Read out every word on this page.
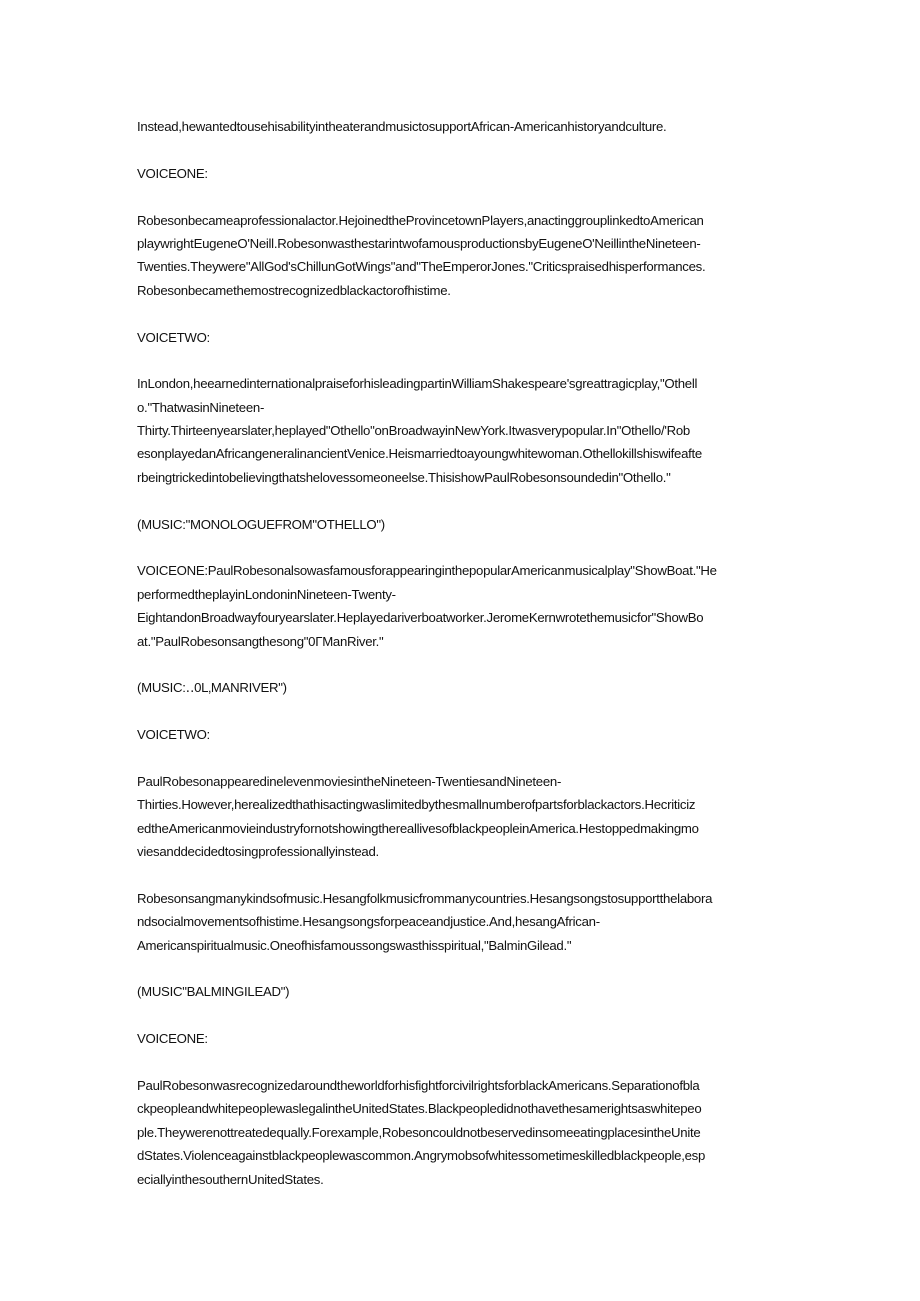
Instead,hewantedtousehisabilityintheaterandmusictosupportAfrican-Americanhistoryandculture.
VOICEONE:
Robesonbecameaprofessionalactor.HejoinedtheProvincetownPlayers,anactinggrouplinkedtoAmerican
playwrightEugeneO'Neill.RobesonwasthestarintwofamousproductionsbyEugeneO'NeillintheNineteen-
Twenties.Theywere"AllGod'sChillunGotWings"and"TheEmperorJones."Criticspraisedhisperformances.
Robesonbecamethemostrecognizedblackactorofhistime.
VOICETWO:
InLondon,heearnedinternationalpraiseforhisleadingpartinWilliamShakespeare'sgreattragicplay,"Othell
o."ThatwasinNineteen-
Thirty.Thirteenyearslater,heplayed"Othello"onBroadwayinNewYork.Itwasverypopular.In"Othello/'Rob
esonplayedanAfricangeneralinancientVenice.Heismarriedtoayoungwhitewoman.Othellokillshiswifeafte
rbeingtrickedintobelievingthatshelovessomeoneelse.ThisishowPaulRobesonsoundedin"Othello."
(MUSIC:"MONOLOGUEFROM"OTHELLO")
VOICEONE:PaulRobesonalsowasfamousforappearinginthepopularAmericanmusicalplay"ShowBoat."He
performedtheplayinLondoninNineteen-Twenty-
EightandonBroadwayfouryearslater.Heplayedariverboatworker.JeromeKernwrotethemusicfor"ShowBo
at."PaulRobesonsangthesong"0ΓManRiver."
(MUSIC:‥0L‚MANRIVER")
VOICETWO:
PaulRobesonappearedinelevenmoviesintheNineteen-TwentiesandNineteen-
Thirties.However,herealizedthathisactingwaslimitedbythesmallnumberofpartsforblackactors.Hecriticiz
edtheAmericanmovieindustryfornotshowingthereallivesofblackpeopleinAmerica.Hestoppedmakingmo
viesanddecidedtosingprofessionallyinstead.
Robesonsangmanykindsofmusic.Hesangfolkmusicfrommanycountries.Hesangsongstosupportthelabora
ndsocialmovementsofhistime.Hesangsongsforpeaceandjustice.And,hesangAfrican-
Americanspiritualmusic.Oneofhisfamoussongswasthisspiritual,"BalminGilead."
(MUSIC"BALMINGILEAD")
VOICEONE:
PaulRobesonwasrecognizedaroundtheworldforhisfightforcivilrightsforblackAmericans.Separationofbla
ckpeopleandwhitepeoplewaslegalintheUnitedStates.Blackpeopledidnothavethesamerightsaswhitepeo
ple.Theywerenottreatedequally.Forexample,RobesoncouldnotbeservedinsomeeatingplacesintheUnite
dStates.Violenceagainstblackpeoplewascommon.Angrymobsofwhitessometimeskilledblackpeople,esp
eciallyinthesouthernUnitedStates.
